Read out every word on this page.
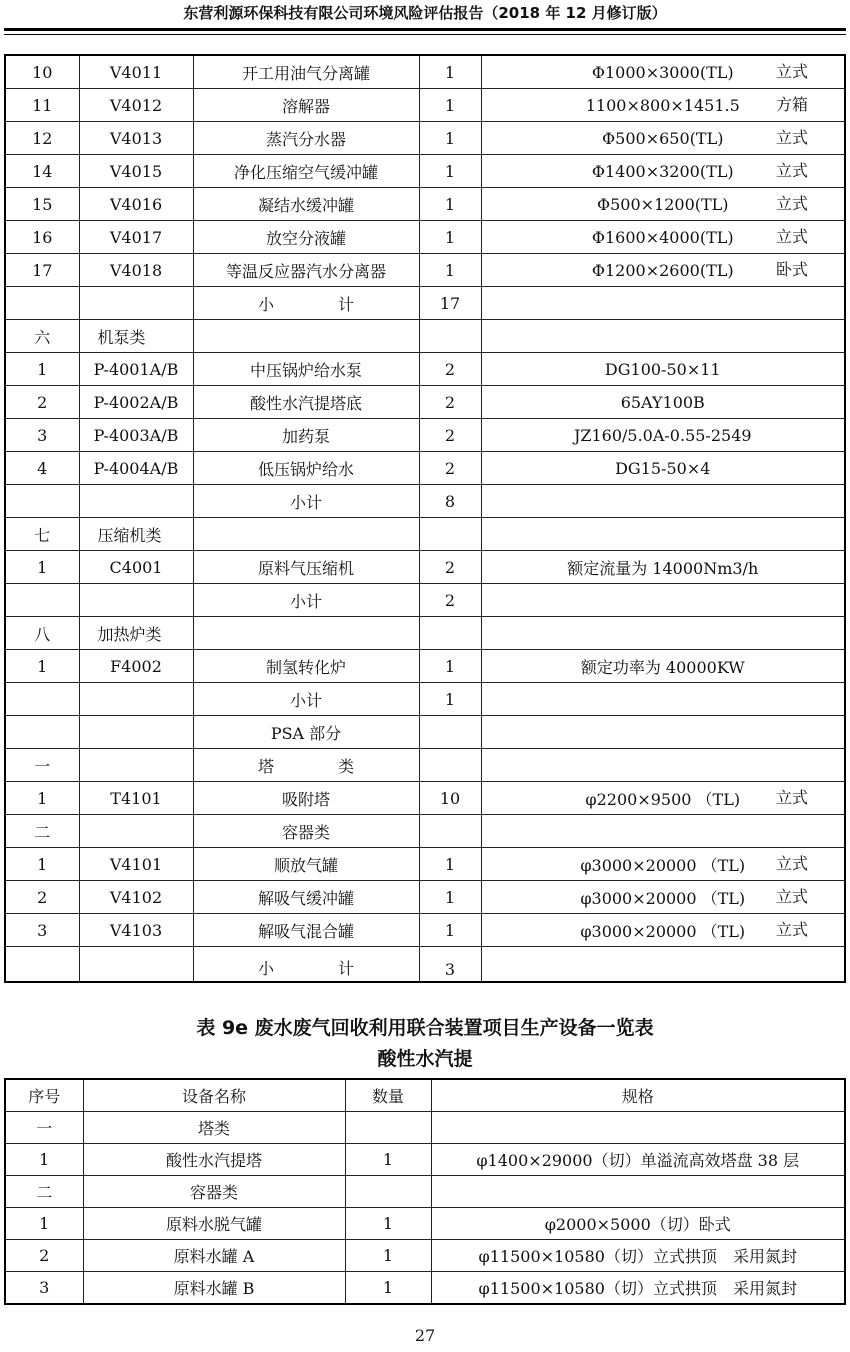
东营利源环保科技有限公司环境风险评估报告（2018 年 12 月修订版）
10	V4011	开工用油气分离罐	1	Φ1000×3000(TL) 立式

11	V4012	溶解器	1	1100×800×1451.5 方箱

12	V4013	蒸汽分水器	1	Φ500×650(TL) 立式

14	V4015	净化压缩空气缓冲罐	1	Φ1400×3200(TL) 立式

15	V4016	凝结水缓冲罐	1	Φ500×1200(TL) 立式

16	V4017	放空分液罐	1	Φ1600×4000(TL) 立式

17	V4018	等温反应器汽水分离器	1	Φ1200×2600(TL) 卧式

		小　　　　计	17	

六	机泵类			

1	P-4001A/B	中压锅炉给水泵	2	DG100-50×11

2	P-4002A/B	酸性水汽提塔底	2	65AY100B

3	P-4003A/B	加药泵	2	JZ160/5.0A-0.55-2549

4	P-4004A/B	低压锅炉给水	2	DG15-50×4

		小计	8	

七	压缩机类			

1	C4001	原料气压缩机	2	额定流量为 14000Nm3/h

		小计	2	

八	加热炉类			

1	F4002	制氢转化炉	1	额定功率为 40000KW

		小计	1	

		PSA 部分		

一		塔　　　　类		

1	T4101	吸附塔	10	φ2200×9500 （TL) 立式

二		容器类		

1	V4101	顺放气罐	1	φ3000×20000 （TL) 立式

2	V4102	解吸气缓冲罐	1	φ3000×20000 （TL) 立式

3	V4103	解吸气混合罐	1	φ3000×20000 （TL) 立式

		小　　　　计	3	
表 9e 废水废气回收利用联合装置项目生产设备一览表
酸性水汽提
序号	设备名称	数量	规格
一	塔类		
1	酸性水汽提塔	1	φ1400×29000（切）单溢流高效塔盘 38 层
二	容器类		
1	原料水脱气罐	1	φ2000×5000（切）卧式
2	原料水罐 A	1	φ11500×10580（切）立式拱顶　采用氮封
3	原料水罐 B	1	φ11500×10580（切）立式拱顶　采用氮封
27
